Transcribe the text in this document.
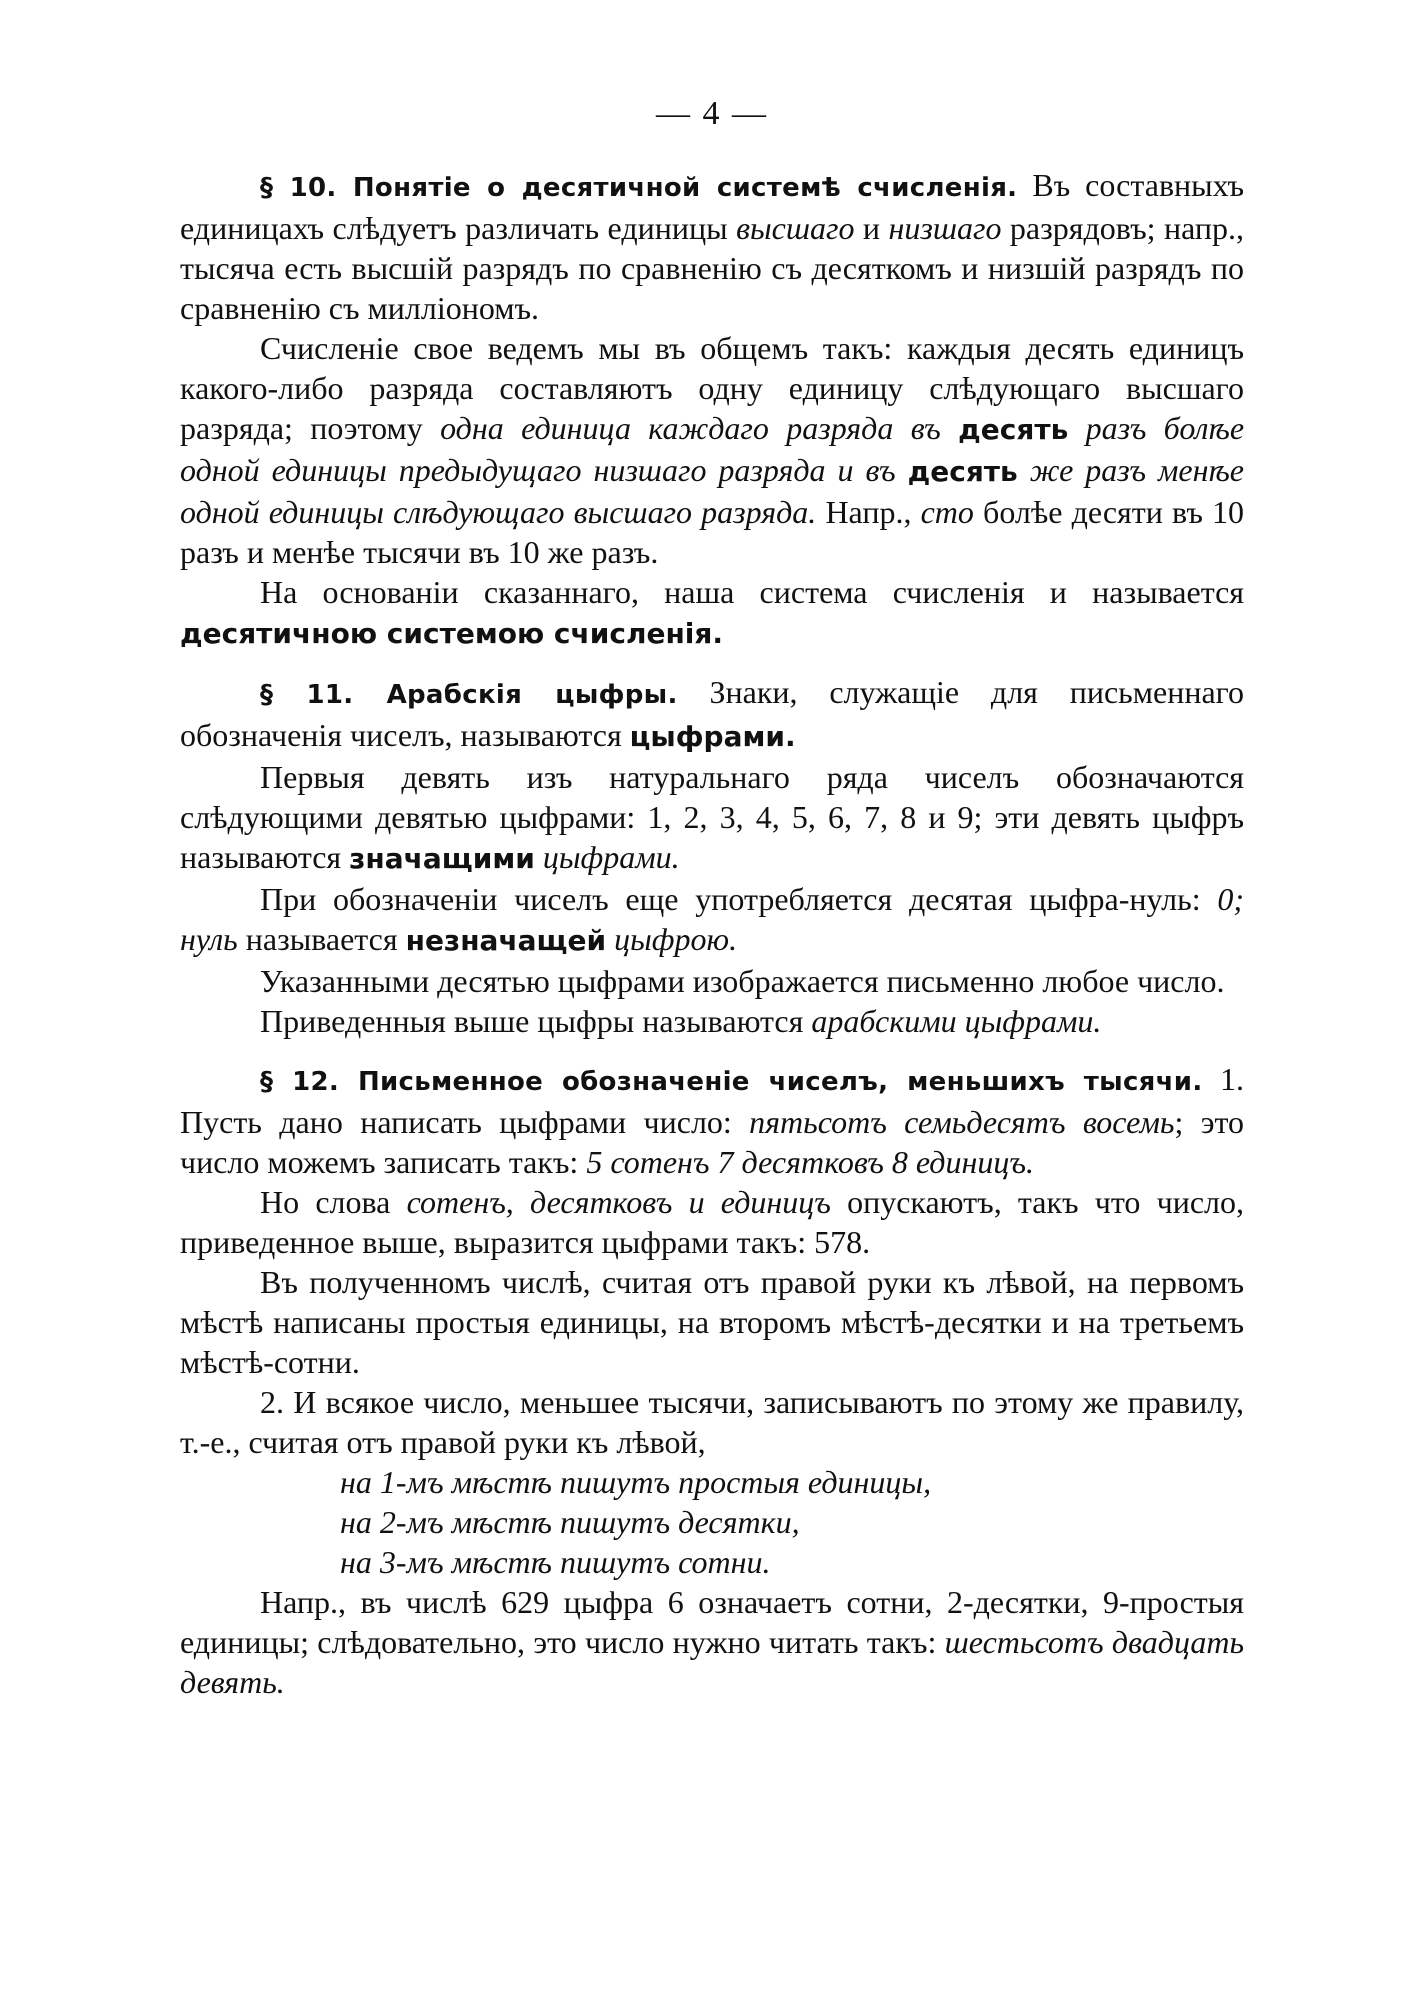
— 4 —

§ 10. Понятіе о десятичной системѣ счисленія. Въ составныхъ единицахъ слѣдуетъ различать единицы высшаго и низшаго разрядовъ; напр., тысяча есть высшій разрядъ по сравненію съ десяткомъ и низшій разрядъ по сравненію съ милліономъ.

Счисленіе свое ведемъ мы въ общемъ такъ: каждыя десять единицъ какого-либо разряда составляютъ одну единицу слѣдующаго высшаго разряда; поэтому одна единица каждаго разряда въ десять разъ болѣе одной единицы предыдущаго низшаго разряда и въ десять же разъ менѣе одной единицы слѣдующаго высшаго разряда. Напр., сто болѣе десяти въ 10 разъ и менѣе тысячи въ 10 же разъ.

На основаніи сказаннаго, наша система счисленія и называется десятичною системою счисленія.

§ 11. Арабскія цыфры. Знаки, служащіе для письменнаго обозначенія чиселъ, называются цыфрами.

Первыя девять изъ натуральнаго ряда чиселъ обозначаются слѣдующими девятью цыфрами: 1, 2, 3, 4, 5, 6, 7, 8 и 9; эти девять цыфръ называются значащими цыфрами.

При обозначеніи чиселъ еще употребляется десятая цыфра-нуль: 0; нуль называется незначащей цыфрою.

Указанными десятью цыфрами изображается письменно любое число.

Приведенныя выше цыфры называются арабскими цыфрами.

§ 12. Письменное обозначеніе чиселъ, меньшихъ тысячи. 1. Пусть дано написать цыфрами число: пятьсотъ семьдесятъ восемь; это число можемъ записать такъ: 5 сотенъ 7 десятковъ 8 единицъ.

Но слова сотенъ, десятковъ и единицъ опускаютъ, такъ что число, приведенное выше, выразится цыфрами такъ: 578.

Въ полученномъ числѣ, считая отъ правой руки къ лѣвой, на первомъ мѣстѣ написаны простыя единицы, на второмъ мѣстѣ-десятки и на третьемъ мѣстѣ-сотни.

2. И всякое число, меньшее тысячи, записываютъ по этому же правилу, т.-е., считая отъ правой руки къ лѣвой,

на 1-мъ мѣстѣ пишутъ простыя единицы,
на 2-мъ мѣстѣ пишутъ десятки,
на 3-мъ мѣстѣ пишутъ сотни.

Напр., въ числѣ 629 цыфра 6 означаетъ сотни, 2-десятки, 9-простыя единицы; слѣдовательно, это число нужно читать такъ: шестьсотъ двадцать девять.
